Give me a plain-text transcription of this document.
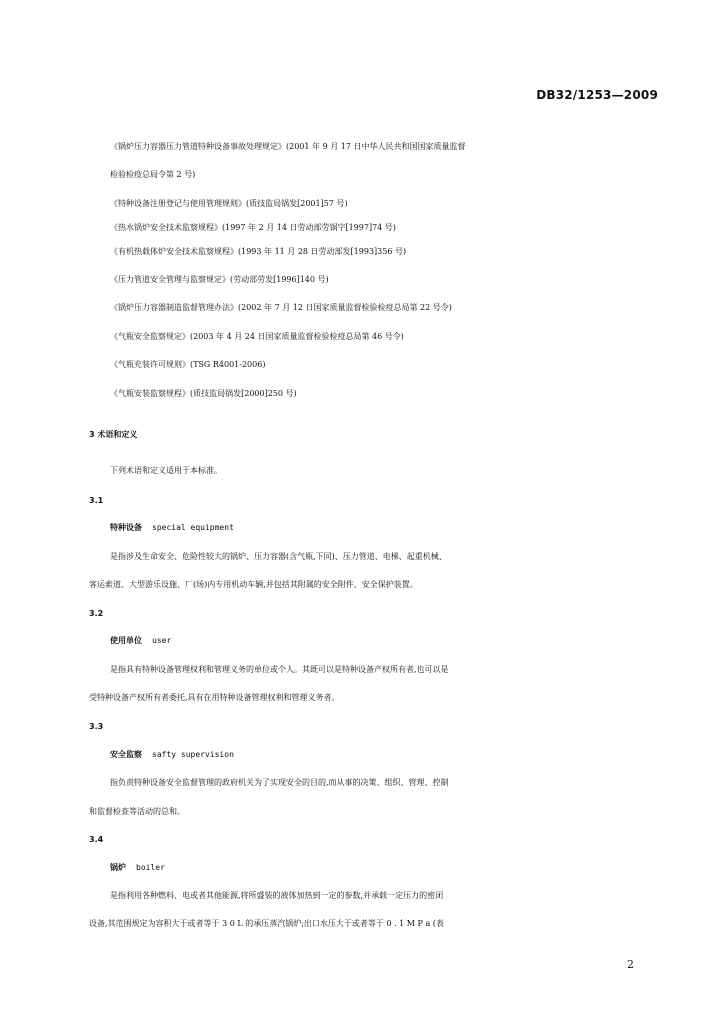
DB32/1253—2009
《锅炉压力容器压力管道特种设备事故处理规定》(2001 年 9 月 17 日中华人民共和国国家质量监督
检验检疫总局令第 2 号)
《特种设备注册登记与使用管理规则》(质技监局锅发[2001]57 号)
《热水锅炉安全技术监察规程》(1997 年 2 月 14 日劳动部劳锅字[1997]74 号)
《有机热载体炉安全技术监察规程》(1993 年 11 月 28 日劳动部发[1993]356 号)
《压力管道安全管理与监察规定》(劳动部劳发[1996]140 号)
《锅炉压力容器制造监督管理办法》(2002 年 7 月 12 日国家质量监督检验检疫总局第 22 号令)
《气瓶安全监察规定》(2003 年 4 月 24 日国家质量监督检验检疫总局第 46 号令)
《气瓶充装许可规则》(TSG R4001-2006)
《气瓶安装监察规程》(质技监局锅发[2000]250 号)
3 术语和定义
下列术语和定义适用于本标准。
3.1
特种设备 special equipment
是指涉及生命安全、危险性较大的锅炉、压力容器(含气瓶,下同)、压力管道、电梯、起重机械、
客运索道、大型游乐设施、厂(场)内专用机动车辆,并包括其附属的安全附件、安全保护装置。
3.2
使用单位 user
是指具有特种设备管理权利和管理义务的单位或个人。其既可以是特种设备产权所有者,也可以是
受特种设备产权所有者委托,具有在用特种设备管理权利和管理义务者。
3.3
安全监察 safty supervision
指负责特种设备安全监督管理的政府机关为了实现安全的目的,而从事的决策、组织、管理、控制
和监督检查等活动的总和。
3.4
锅炉 boiler
是指利用各种燃料、电或者其他能源,将所盛装的液体加热到一定的参数,并承载一定压力的密闭
设备,其范围规定为容积大于或者等于 3 0 L 的承压蒸汽锅炉;出口水压大于或者等于 0 . 1 M P a (表
2
